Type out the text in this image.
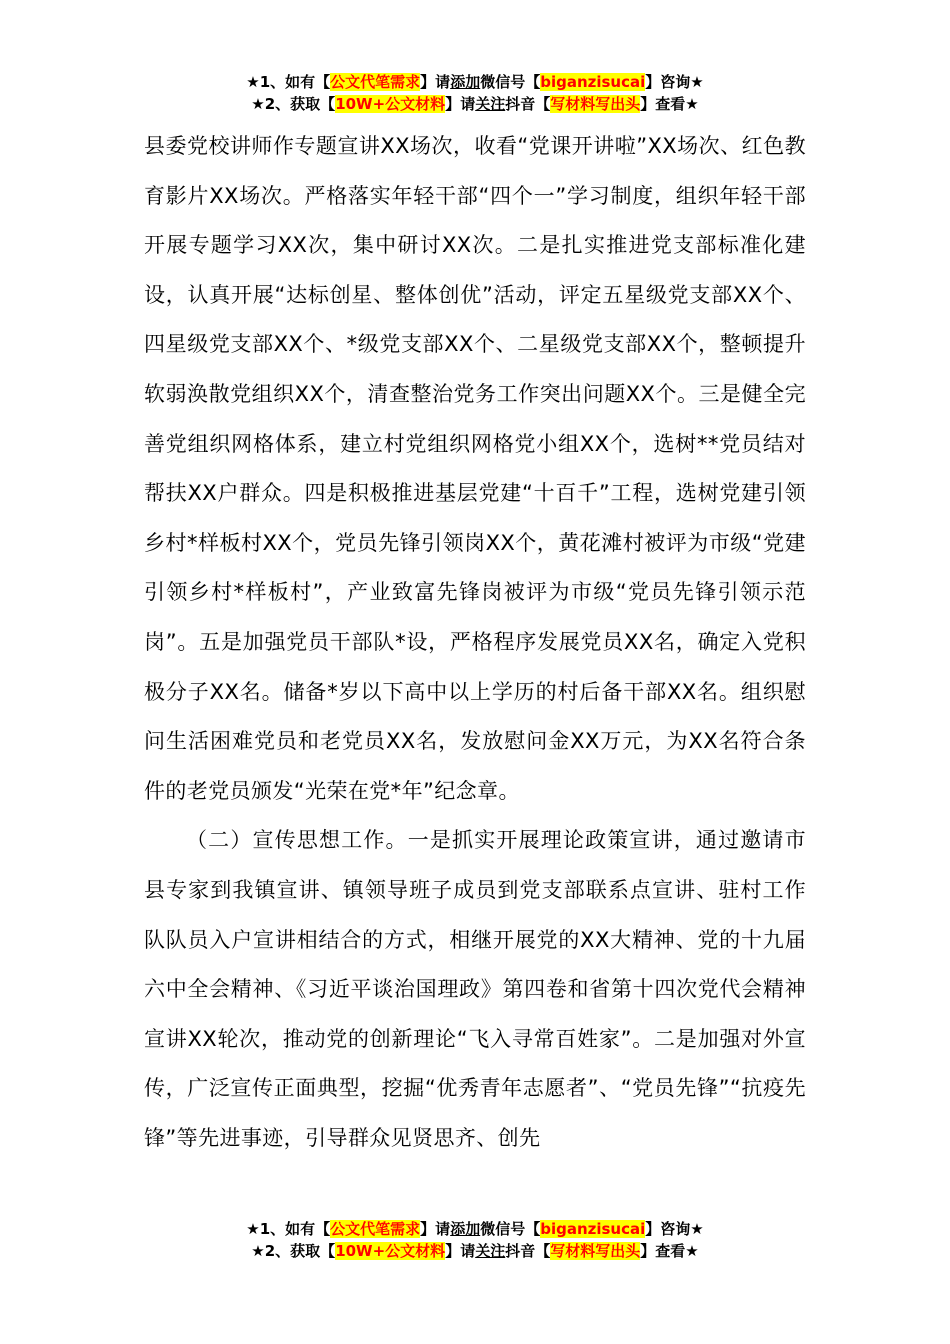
★1、如有【公文代笔需求】请添加微信号【biganzisucai】咨询★
★2、获取【10W+公文材料】请关注抖音【写材料写出头】查看★

县委党校讲师作专题宣讲XX场次，收看“党课开讲啦”XX场次、红色教育影片XX场次。严格落实年轻干部“四个一”学习制度，组织年轻干部开展专题学习XX次，集中研讨XX次。二是扎实推进党支部标准化建设，认真开展“达标创星、整体创优”活动，评定五星级党支部XX个、四星级党支部XX个、*级党支部XX个、二星级党支部XX个，整顿提升软弱涣散党组织XX个，清查整治党务工作突出问题XX个。三是健全完善党组织网格体系，建立村党组织网格党小组XX个，选树**党员结对帮扶XX户群众。四是积极推进基层党建“十百千”工程，选树党建引领乡村*样板村XX个，党员先锋引领岗XX个，黄花滩村被评为市级“党建引领乡村*样板村”，产业致富先锋岗被评为市级“党员先锋引领示范岗”。五是加强党员干部队*设，严格程序发展党员XX名，确定入党积极分子XX名。储备*岁以下高中以上学历的村后备干部XX名。组织慰问生活困难党员和老党员XX名，发放慰问金XX万元，为XX名符合条件的老党员颁发“光荣在党*年”纪念章。

（二）宣传思想工作。一是抓实开展理论政策宣讲，通过邀请市县专家到我镇宣讲、镇领导班子成员到党支部联系点宣讲、驻村工作队队员入户宣讲相结合的方式，相继开展党的XX大精神、党的十九届六中全会精神、《习近平谈治国理政》第四卷和省第十四次党代会精神宣讲XX轮次，推动党的创新理论“飞入寻常百姓家”。二是加强对外宣传，广泛宣传正面典型，挖掘“优秀青年志愿者”、“党员先锋”“抗疫先锋”等先进事迹，引导群众见贤思齐、创先

★1、如有【公文代笔需求】请添加微信号【biganzisucai】咨询★
★2、获取【10W+公文材料】请关注抖音【写材料写出头】查看★
